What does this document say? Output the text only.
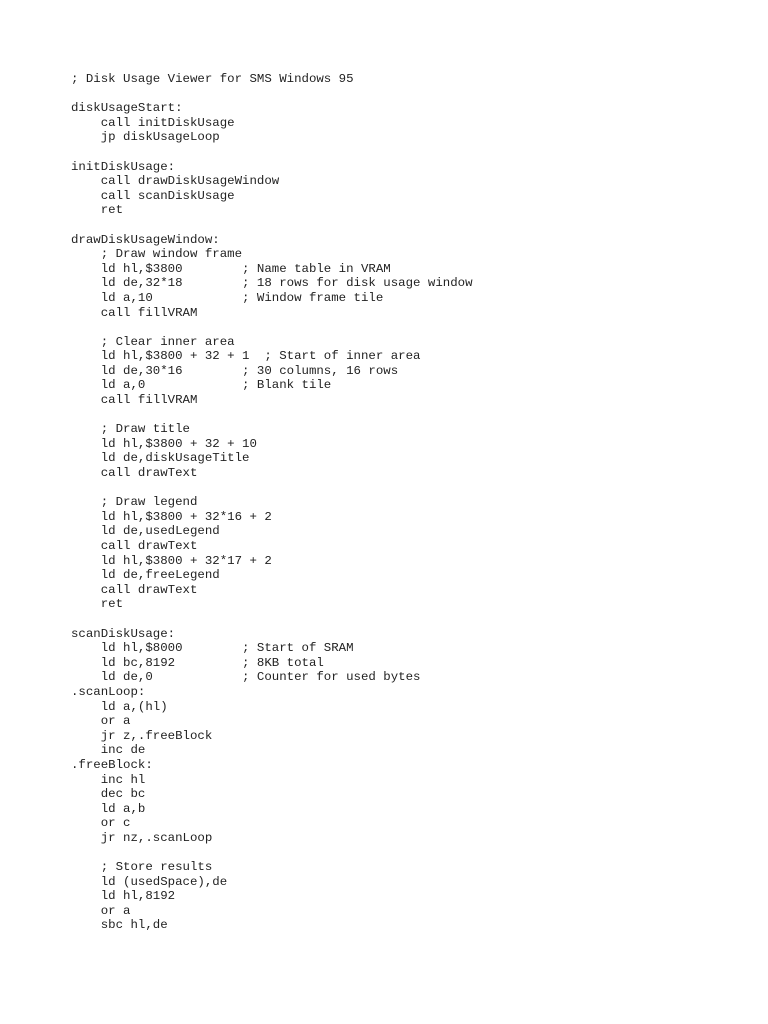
; Disk Usage Viewer for SMS Windows 95
diskUsageStart:
call initDiskUsage
jp diskUsageLoop
initDiskUsage:
call drawDiskUsageWindow
call scanDiskUsage
ret
drawDiskUsageWindow:
; Draw window frame
ld hl,$3800        ; Name table in VRAM
ld de,32*18        ; 18 rows for disk usage window
ld a,10            ; Window frame tile
call fillVRAM
; Clear inner area
ld hl,$3800 + 32 + 1  ; Start of inner area
ld de,30*16        ; 30 columns, 16 rows
ld a,0             ; Blank tile
call fillVRAM
; Draw title
ld hl,$3800 + 32 + 10
ld de,diskUsageTitle
call drawText
; Draw legend
ld hl,$3800 + 32*16 + 2
ld de,usedLegend
call drawText
ld hl,$3800 + 32*17 + 2
ld de,freeLegend
call drawText
ret
scanDiskUsage:
ld hl,$8000        ; Start of SRAM
ld bc,8192         ; 8KB total
ld de,0            ; Counter for used bytes
.scanLoop:
ld a,(hl)
or a
jr z,.freeBlock
inc de
.freeBlock:
inc hl
dec bc
ld a,b
or c
jr nz,.scanLoop
; Store results
ld (usedSpace),de
ld hl,8192
or a
sbc hl,de
